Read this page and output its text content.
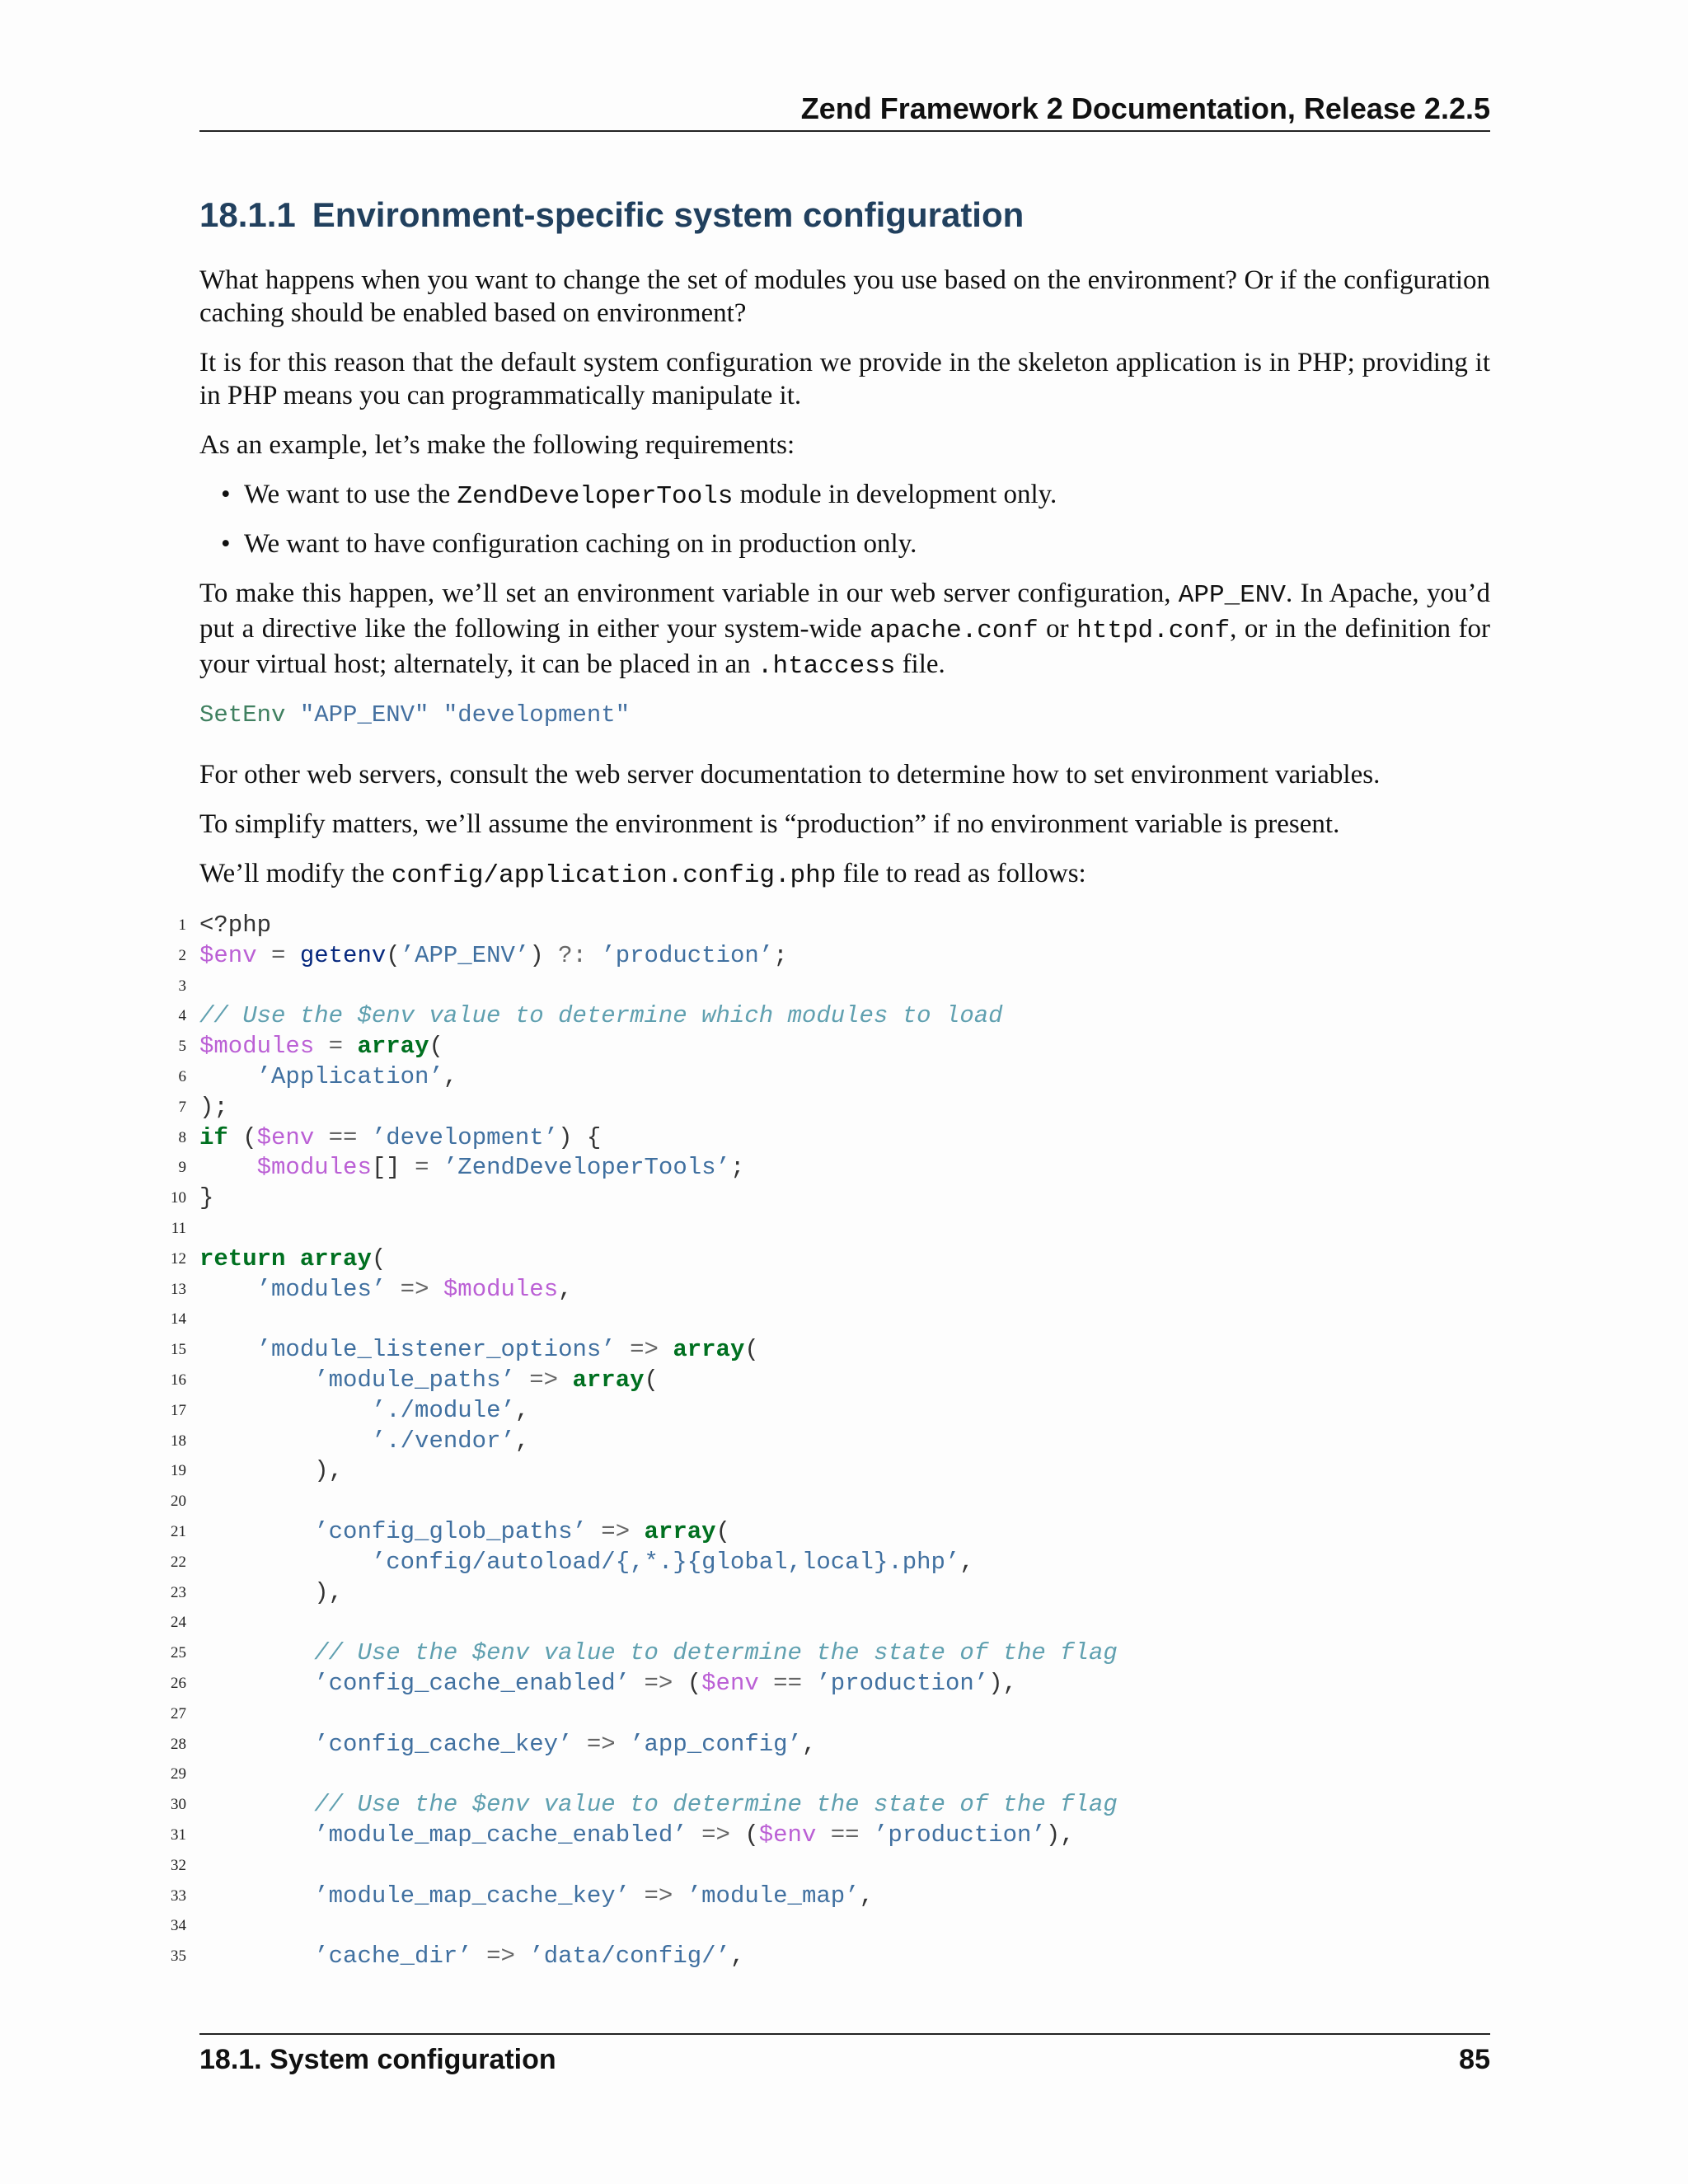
Zend Framework 2 Documentation, Release 2.2.5
18.1.1 Environment-specific system configuration

What happens when you want to change the set of modules you use based on the environment? Or if the configuration caching should be enabled based on environment?

It is for this reason that the default system configuration we provide in the skeleton application is in PHP; providing it in PHP means you can programmatically manipulate it.

As an example, let’s make the following requirements:

• We want to use the ZendDeveloperTools module in development only.
• We want to have configuration caching on in production only.

To make this happen, we’ll set an environment variable in our web server configuration, APP_ENV. In Apache, you’d put a directive like the following in either your system-wide apache.conf or httpd.conf, or in the definition for your virtual host; alternately, it can be placed in an .htaccess file.

SetEnv "APP_ENV" "development"

For other web servers, consult the web server documentation to determine how to set environment variables.

To simplify matters, we’ll assume the environment is “production” if no environment variable is present.

We’ll modify the config/application.config.php file to read as follows:

1 <?php
2 $env = getenv(’APP_ENV’) ?: ’production’;
3
4 // Use the $env value to determine which modules to load
5 $modules = array(
6	’Application’,
7 );
8 if ($env == ’development’) {
9	$modules[] = ’ZendDeveloperTools’;
10 }
11
12 return array(
13	’modules’ => $modules,
14
15	’module_listener_options’ => array(
16	’module_paths’ => array(
17	’./module’,
18	’./vendor’,
19 ),
20
21	’config_glob_paths’ => array(
22	’config/autoload/{,*.}{global,local}.php’,
23 ),
24
25	// Use the $env value to determine the state of the flag
26	’config_cache_enabled’ => ($env == ’production’),
27
28	’config_cache_key’ => ’app_config’,
29
30	// Use the $env value to determine the state of the flag
31	’module_map_cache_enabled’ => ($env == ’production’),
32
33	’module_map_cache_key’ => ’module_map’,
34
35	’cache_dir’ => ’data/config/’,
18.1. System configuration	85
